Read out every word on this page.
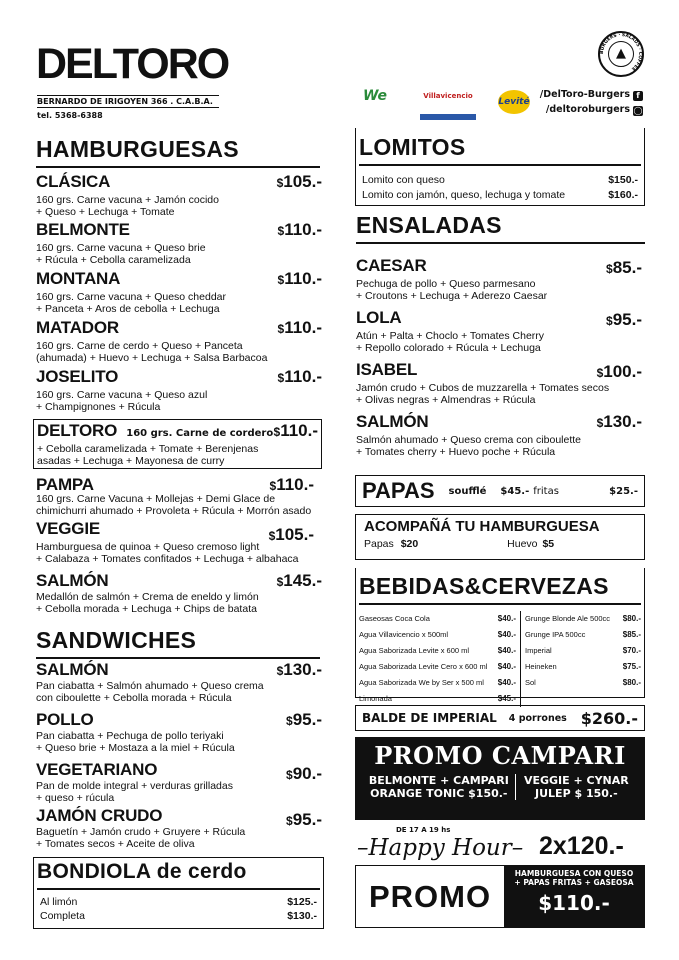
DELTORO
BERNARDO DE IRIGOYEN 366 . C.A.B.A.
tel. 5368-6388
▲
BURGERS · SALADS · COFFEE
We	Villavicencio
Levité
/DelToro-Burgers f
/deltoroburgers ◯
HAMBURGUESAS
CLÁSICA	$105.-
160 grs. Carne vacuna + Jamón cocido
+ Queso + Lechuga + Tomate
BELMONTE	$110.-
160 grs. Carne vacuna + Queso brie
+ Rúcula + Cebolla caramelizada
MONTANA	$110.-
160 grs. Carne vacuna + Queso cheddar
+ Panceta + Aros de cebolla + Lechuga
MATADOR	$110.-
160 grs. Carne de cerdo + Queso + Panceta
(ahumada) + Huevo + Lechuga + Salsa Barbacoa
JOSELITO	$110.-
160 grs. Carne vacuna + Queso azul
+ Champignones + Rúcula
DELTORO 160 grs. Carne de cordero $110.-
+ Cebolla caramelizada + Tomate + Berenjenas
asadas + Lechuga + Mayonesa de curry
PAMPA	$110.-
160 grs. Carne Vacuna + Mollejas + Demi Glace de
chimichurri ahumado + Provoleta + Rúcula + Morrón asado
VEGGIE	$105.-
Hamburguesa de quinoa + Queso cremoso light
+ Calabaza + Tomates confitados + Lechuga + albahaca
SALMÓN	$145.-
Medallón de salmón + Crema de eneldo y limón
+ Cebolla morada + Lechuga + Chips de batata
SANDWICHES
SALMÓN	$130.-
Pan ciabatta + Salmón ahumado + Queso crema
con ciboulette + Cebolla morada + Rúcula
POLLO	$95.-
Pan ciabatta + Pechuga de pollo teriyaki
+ Queso brie + Mostaza a la miel + Rúcula
VEGETARIANO	$90.-
Pan de molde integral + verduras grilladas
+ queso + rúcula
JAMÓN CRUDO	$95.-
Baguetín + Jamón crudo + Gruyere + Rúcula
+ Tomates secos + Aceite de oliva
BONDIOLA de cerdo
Al limón	$125.-
Completa	$130.-
LOMITOS
Lomito con queso	$150.-
Lomito con jamón, queso, lechuga y tomate	$160.-
ENSALADAS
CAESAR	$85.-
Pechuga de pollo + Queso parmesano
+ Croutons + Lechuga + Aderezo Caesar
LOLA	$95.-
Atún + Palta + Choclo + Tomates Cherry
+ Repollo colorado + Rúcula + Lechuga
ISABEL	$100.-
Jamón crudo + Cubos de muzzarella + Tomates secos
+ Olivas negras + Almendras + Rúcula
SALMÓN	$130.-
Salmón ahumado + Queso crema con ciboulette
+ Tomates cherry + Huevo poche + Rúcula
PAPAS soufflé $45.- fritas	$25.-
ACOMPAÑÁ TU HAMBURGUESA
Papas $20	Huevo $5
BEBIDAS&CERVEZAS
Gaseosas Coca Cola	$40.-
Agua Villavicencio x 500ml	$40.-
Agua Saborizada Levite x 600 ml	$40.-
Agua Saborizada Levite Cero x 600 ml $40.-
Agua Saborizada We by Ser x 500 ml $40.-
Limonada	$45.-
Grunge Blonde Ale 500cc $80.-
Grunge IPA 500cc	$85.-
Imperial	$70.-
Heineken	$75.-
Sol	$80.-
BALDE DE IMPERIAL 4 porrones $260.-
PROMO CAMPARI
BELMONTE + CAMPARI
ORANGE TONIC $150.-
VEGGIE + CYNAR
JULEP $ 150.-
DE 17 A 19 hs
–Happy Hour– 2x120.-
PROMO
HAMBURGUESA CON QUESO
+ PAPAS FRITAS + GASEOSA
$110.-
